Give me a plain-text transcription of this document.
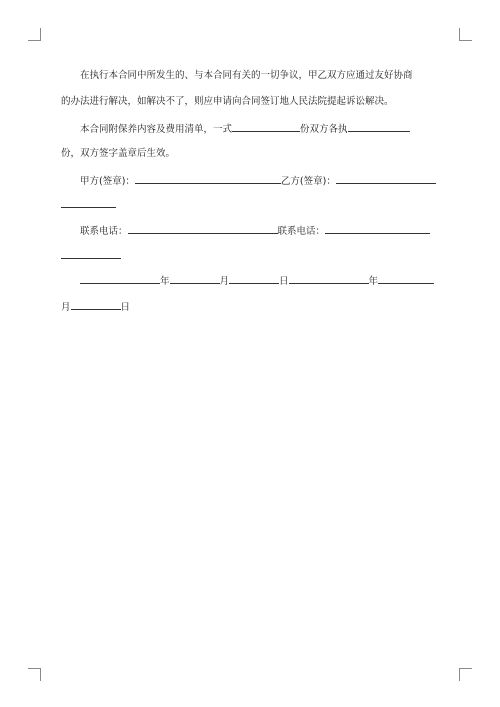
在执行本合同中所发生的、与本合同有关的一切争议，甲乙双方应通过友好协商
的办法进行解决，如解决不了，则应申请向合同签订地人民法院提起诉讼解决。
本合同附保养内容及费用清单，一式	份双方各执
份，双方签字盖章后生效。
甲方(签章)：	乙方(签章)：
联系电话：	联系电话：
年	月	日	年
月	日
